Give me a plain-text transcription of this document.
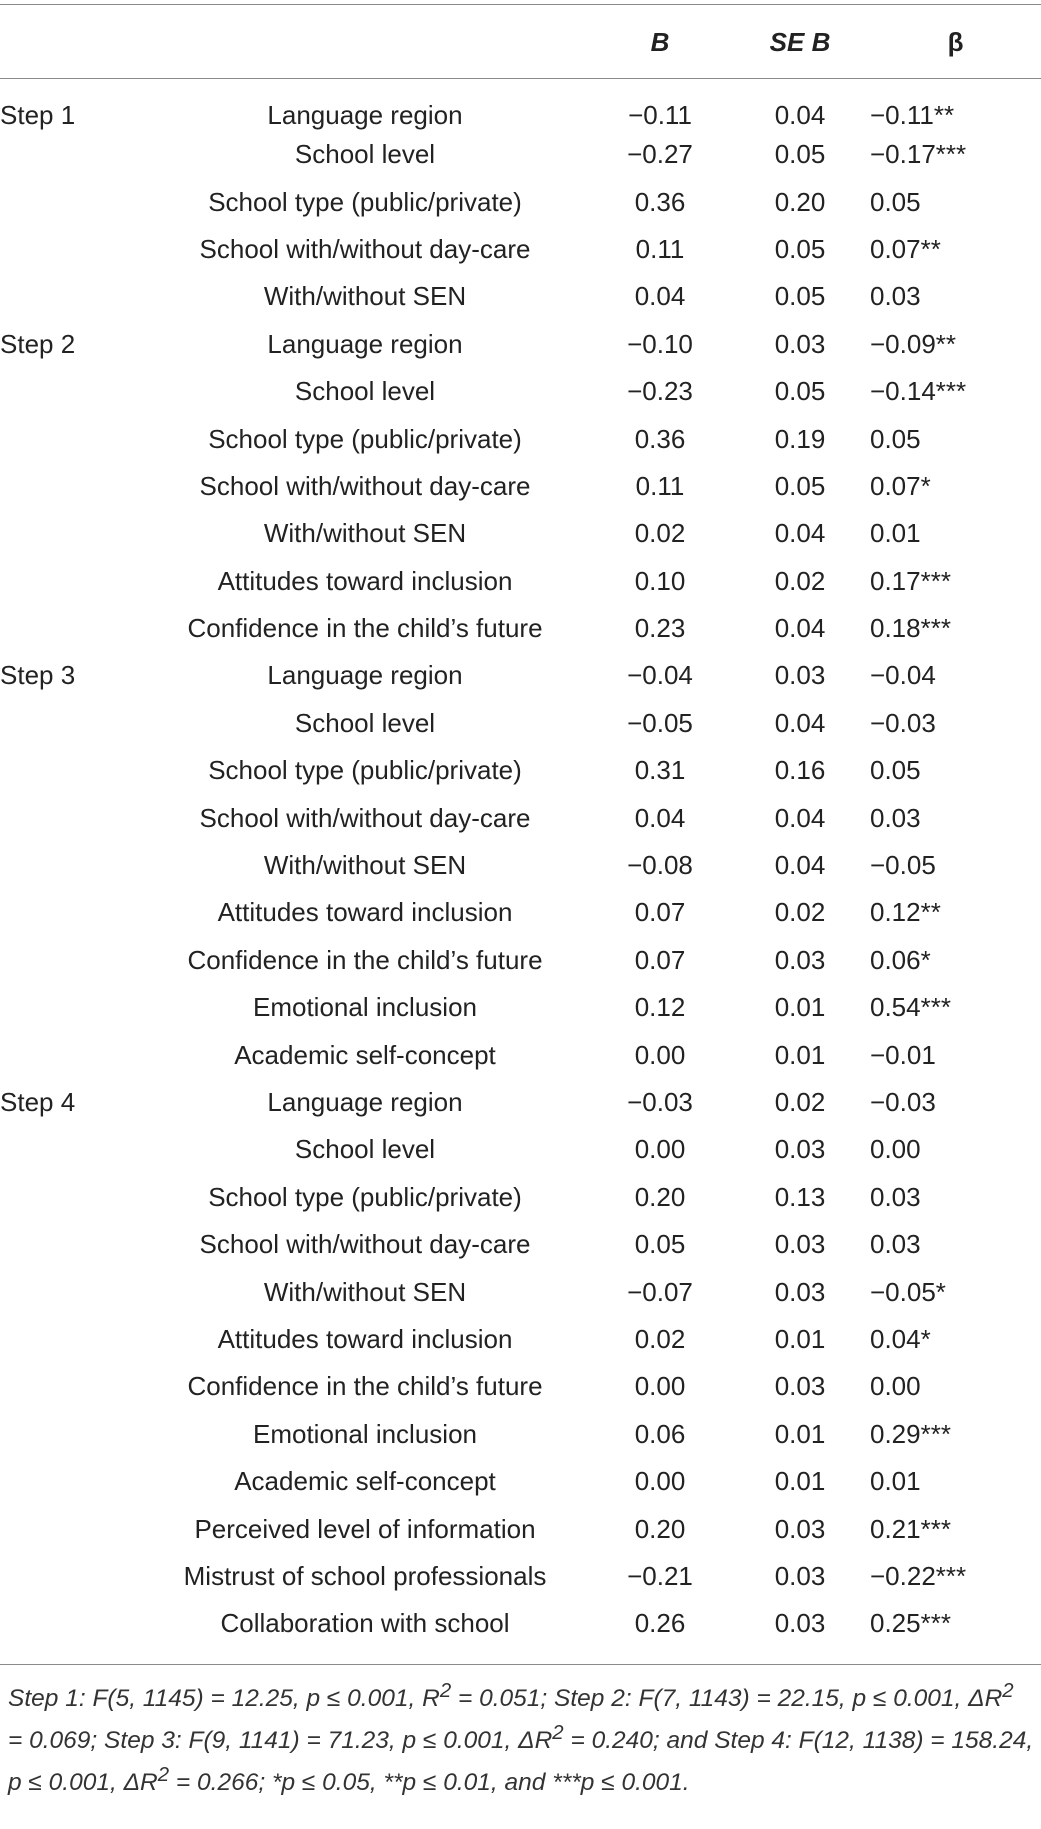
		B	SE B	β
Step 1	Language region	−0.11	0.04	−0.11**
	School level	−0.27	0.05	−0.17***
	School type (public/private)	0.36	0.20	0.05
	School with/without day-care	0.11	0.05	0.07**
	With/without SEN	0.04	0.05	0.03
Step 2	Language region	−0.10	0.03	−0.09**
	School level	−0.23	0.05	−0.14***
	School type (public/private)	0.36	0.19	0.05
	School with/without day-care	0.11	0.05	0.07*
	With/without SEN	0.02	0.04	0.01
	Attitudes toward inclusion	0.10	0.02	0.17***
	Confidence in the child’s future	0.23	0.04	0.18***
Step 3	Language region	−0.04	0.03	−0.04
	School level	−0.05	0.04	−0.03
	School type (public/private)	0.31	0.16	0.05
	School with/without day-care	0.04	0.04	0.03
	With/without SEN	−0.08	0.04	−0.05
	Attitudes toward inclusion	0.07	0.02	0.12**
	Confidence in the child’s future	0.07	0.03	0.06*
	Emotional inclusion	0.12	0.01	0.54***
	Academic self-concept	0.00	0.01	−0.01
Step 4	Language region	−0.03	0.02	−0.03
	School level	0.00	0.03	0.00
	School type (public/private)	0.20	0.13	0.03
	School with/without day-care	0.05	0.03	0.03
	With/without SEN	−0.07	0.03	−0.05*
	Attitudes toward inclusion	0.02	0.01	0.04*
	Confidence in the child’s future	0.00	0.03	0.00
	Emotional inclusion	0.06	0.01	0.29***
	Academic self-concept	0.00	0.01	0.01
	Perceived level of information	0.20	0.03	0.21***
	Mistrust of school professionals	−0.21	0.03	−0.22***
	Collaboration with school	0.26	0.03	0.25***
Step 1: F(5, 1145) = 12.25, p ≤ 0.001, $R^2 = 0.051$; Step 2: F(7, 1143) = 22.15, p ≤ 0.001, $\Delta R^2 = 0.069$; Step 3: F(9, 1141) = 71.23, p ≤ 0.001, $\Delta R^2 = 0.240$; and Step 4: F(12, 1138) = 158.24, p ≤ 0.001, $\Delta R^2 = 0.266$; *p ≤ 0.05, **p ≤ 0.01, and ***p ≤ 0.001.
